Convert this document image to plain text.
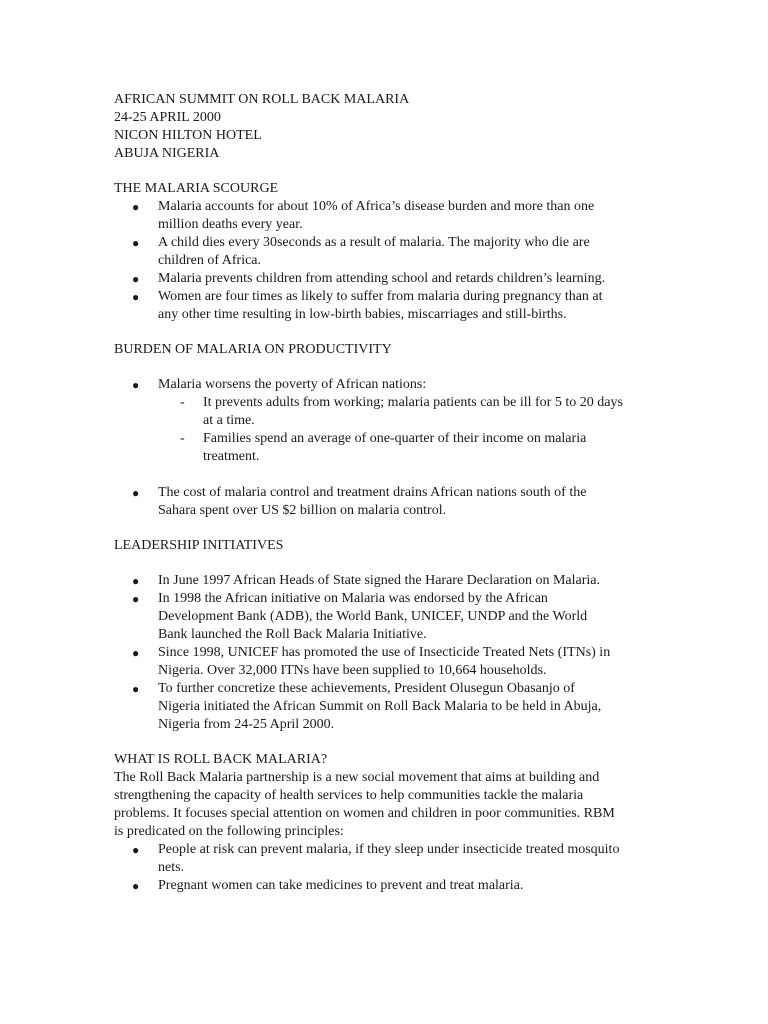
AFRICAN SUMMIT ON ROLL BACK MALARIA
24-25 APRIL 2000
NICON HILTON HOTEL
ABUJA NIGERIA
THE MALARIA SCOURGE
● Malaria accounts for about 10% of Africa’s disease burden and more than one
million deaths every year.
● A child dies every 30seconds as a result of malaria. The majority who die are
children of Africa.
● Malaria prevents children from attending school and retards children’s learning.
● Women are four times as likely to suffer from malaria during pregnancy than at
any other time resulting in low-birth babies, miscarriages and still-births.
BURDEN OF MALARIA ON PRODUCTIVITY
● Malaria worsens the poverty of African nations:
- It prevents adults from working; malaria patients can be ill for 5 to 20 days
at a time.
- Families spend an average of one-quarter of their income on malaria
treatment.
● The cost of malaria control and treatment drains African nations south of the
Sahara spent over US $2 billion on malaria control.
LEADERSHIP INITIATIVES
● In June 1997 African Heads of State signed the Harare Declaration on Malaria.
● In 1998 the African initiative on Malaria was endorsed by the African
Development Bank (ADB), the World Bank, UNICEF, UNDP and the World
Bank launched the Roll Back Malaria Initiative.
● Since 1998, UNICEF has promoted the use of Insecticide Treated Nets (ITNs) in
Nigeria. Over 32,000 ITNs have been supplied to 10,664 households.
● To further concretize these achievements, President Olusegun Obasanjo of
Nigeria initiated the African Summit on Roll Back Malaria to be held in Abuja,
Nigeria from 24-25 April 2000.
WHAT IS ROLL BACK MALARIA?
The Roll Back Malaria partnership is a new social movement that aims at building and
strengthening the capacity of health services to help communities tackle the malaria
problems. It focuses special attention on women and children in poor communities. RBM
is predicated on the following principles:
● People at risk can prevent malaria, if they sleep under insecticide treated mosquito
nets.
● Pregnant women can take medicines to prevent and treat malaria.
